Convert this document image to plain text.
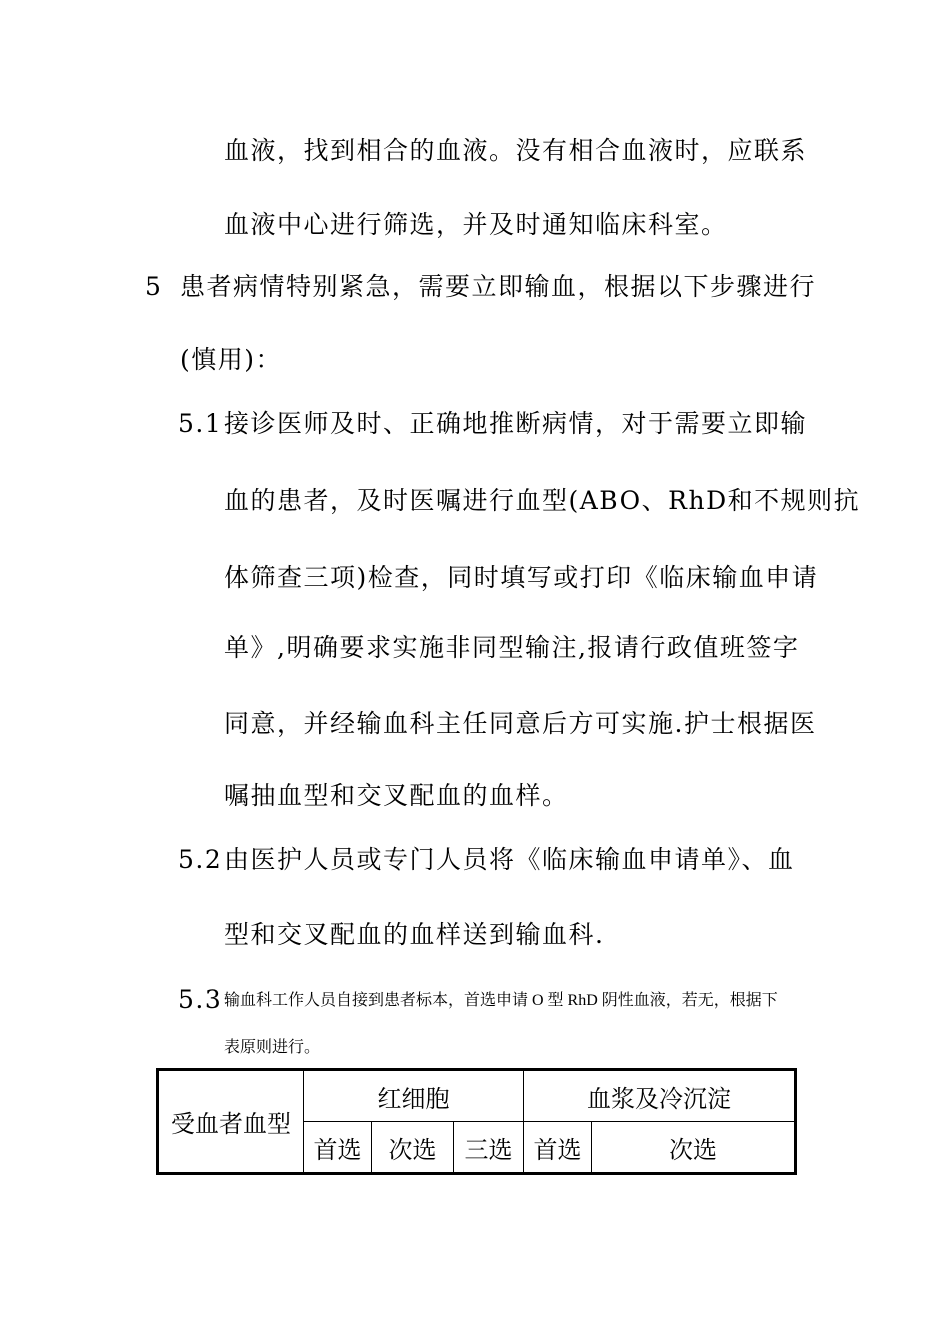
血液，找到相合的血液。没有相合血液时，应联系
血液中心进行筛选，并及时通知临床科室。
5 患者病情特别紧急，需要立即输血，根据以下步骤进行
(慎用)：
5.1 接诊医师及时、正确地推断病情，对于需要立即输
血的患者，及时医嘱进行血型(ABO、RhD和不规则抗
体筛查三项)检查，同时填写或打印《临床输血申请
单》,明确要求实施非同型输注,报请行政值班签字
同意，并经输血科主任同意后方可实施.护士根据医
嘱抽血型和交叉配血的血样。
5.2 由医护人员或专门人员将《临床输血申请单》、血
型和交叉配血的血样送到输血科.
5.3 输血科工作人员自接到患者标本，首选申请 O 型 RhD 阴性血液，若无，根据下
表原则进行。
受血者血型	红细胞			血浆及冷沉淀	
	首选	次选	三选	首选	次选
